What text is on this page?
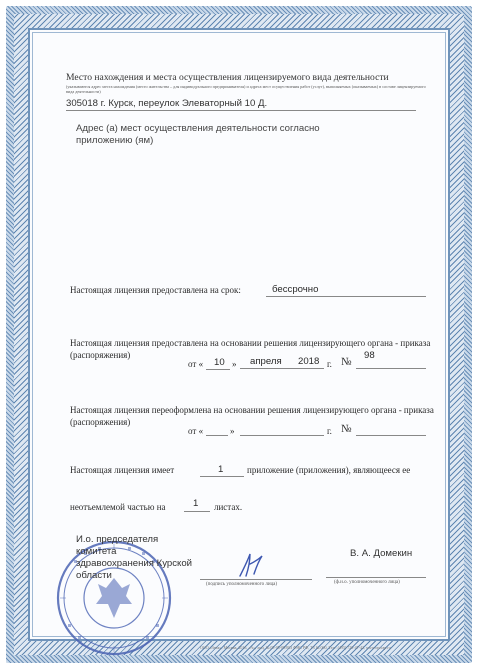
Место нахождения и места осуществления лицензируемого вида деятельности
(указываются адрес места нахождения (место жительства – для индивидуального предпринимателя) и адреса мест осуществления работ (услуг), выполняемых (оказываемых) в составе лицензируемого вида деятельности)
305018 г. Курск, переулок Элеваторный 10 Д.
Адрес (а) мест осуществления деятельности согласно приложению (ям)
Настоящая лицензия предоставлена на срок:	бессрочно
Настоящая лицензия предоставлена на основании решения лицензирующего органа - приказа (распоряжения)
от « 10 » апреля 2018 г. №
98
Настоящая лицензия переоформлена на основании решения лицензирующего органа - приказа (распоряжения)
от «	»	г. №
Настоящая лицензия имеет	1	приложение (приложения), являющееся ее
неотъемлемой частью на	1 листах.
И.о. председателя комитета здравоохранения Курской области
(подпись уполномоченного лица)
В. А. Домекин
(ф.и.о. уполномоченного лица)
ООО «Знак», Москва, 2016, «А», лиц. № 05-05-09/003 ФНС РФ, ТЗ № 000. Тел.: (495) 726-47-42, www.opcrap.ru
